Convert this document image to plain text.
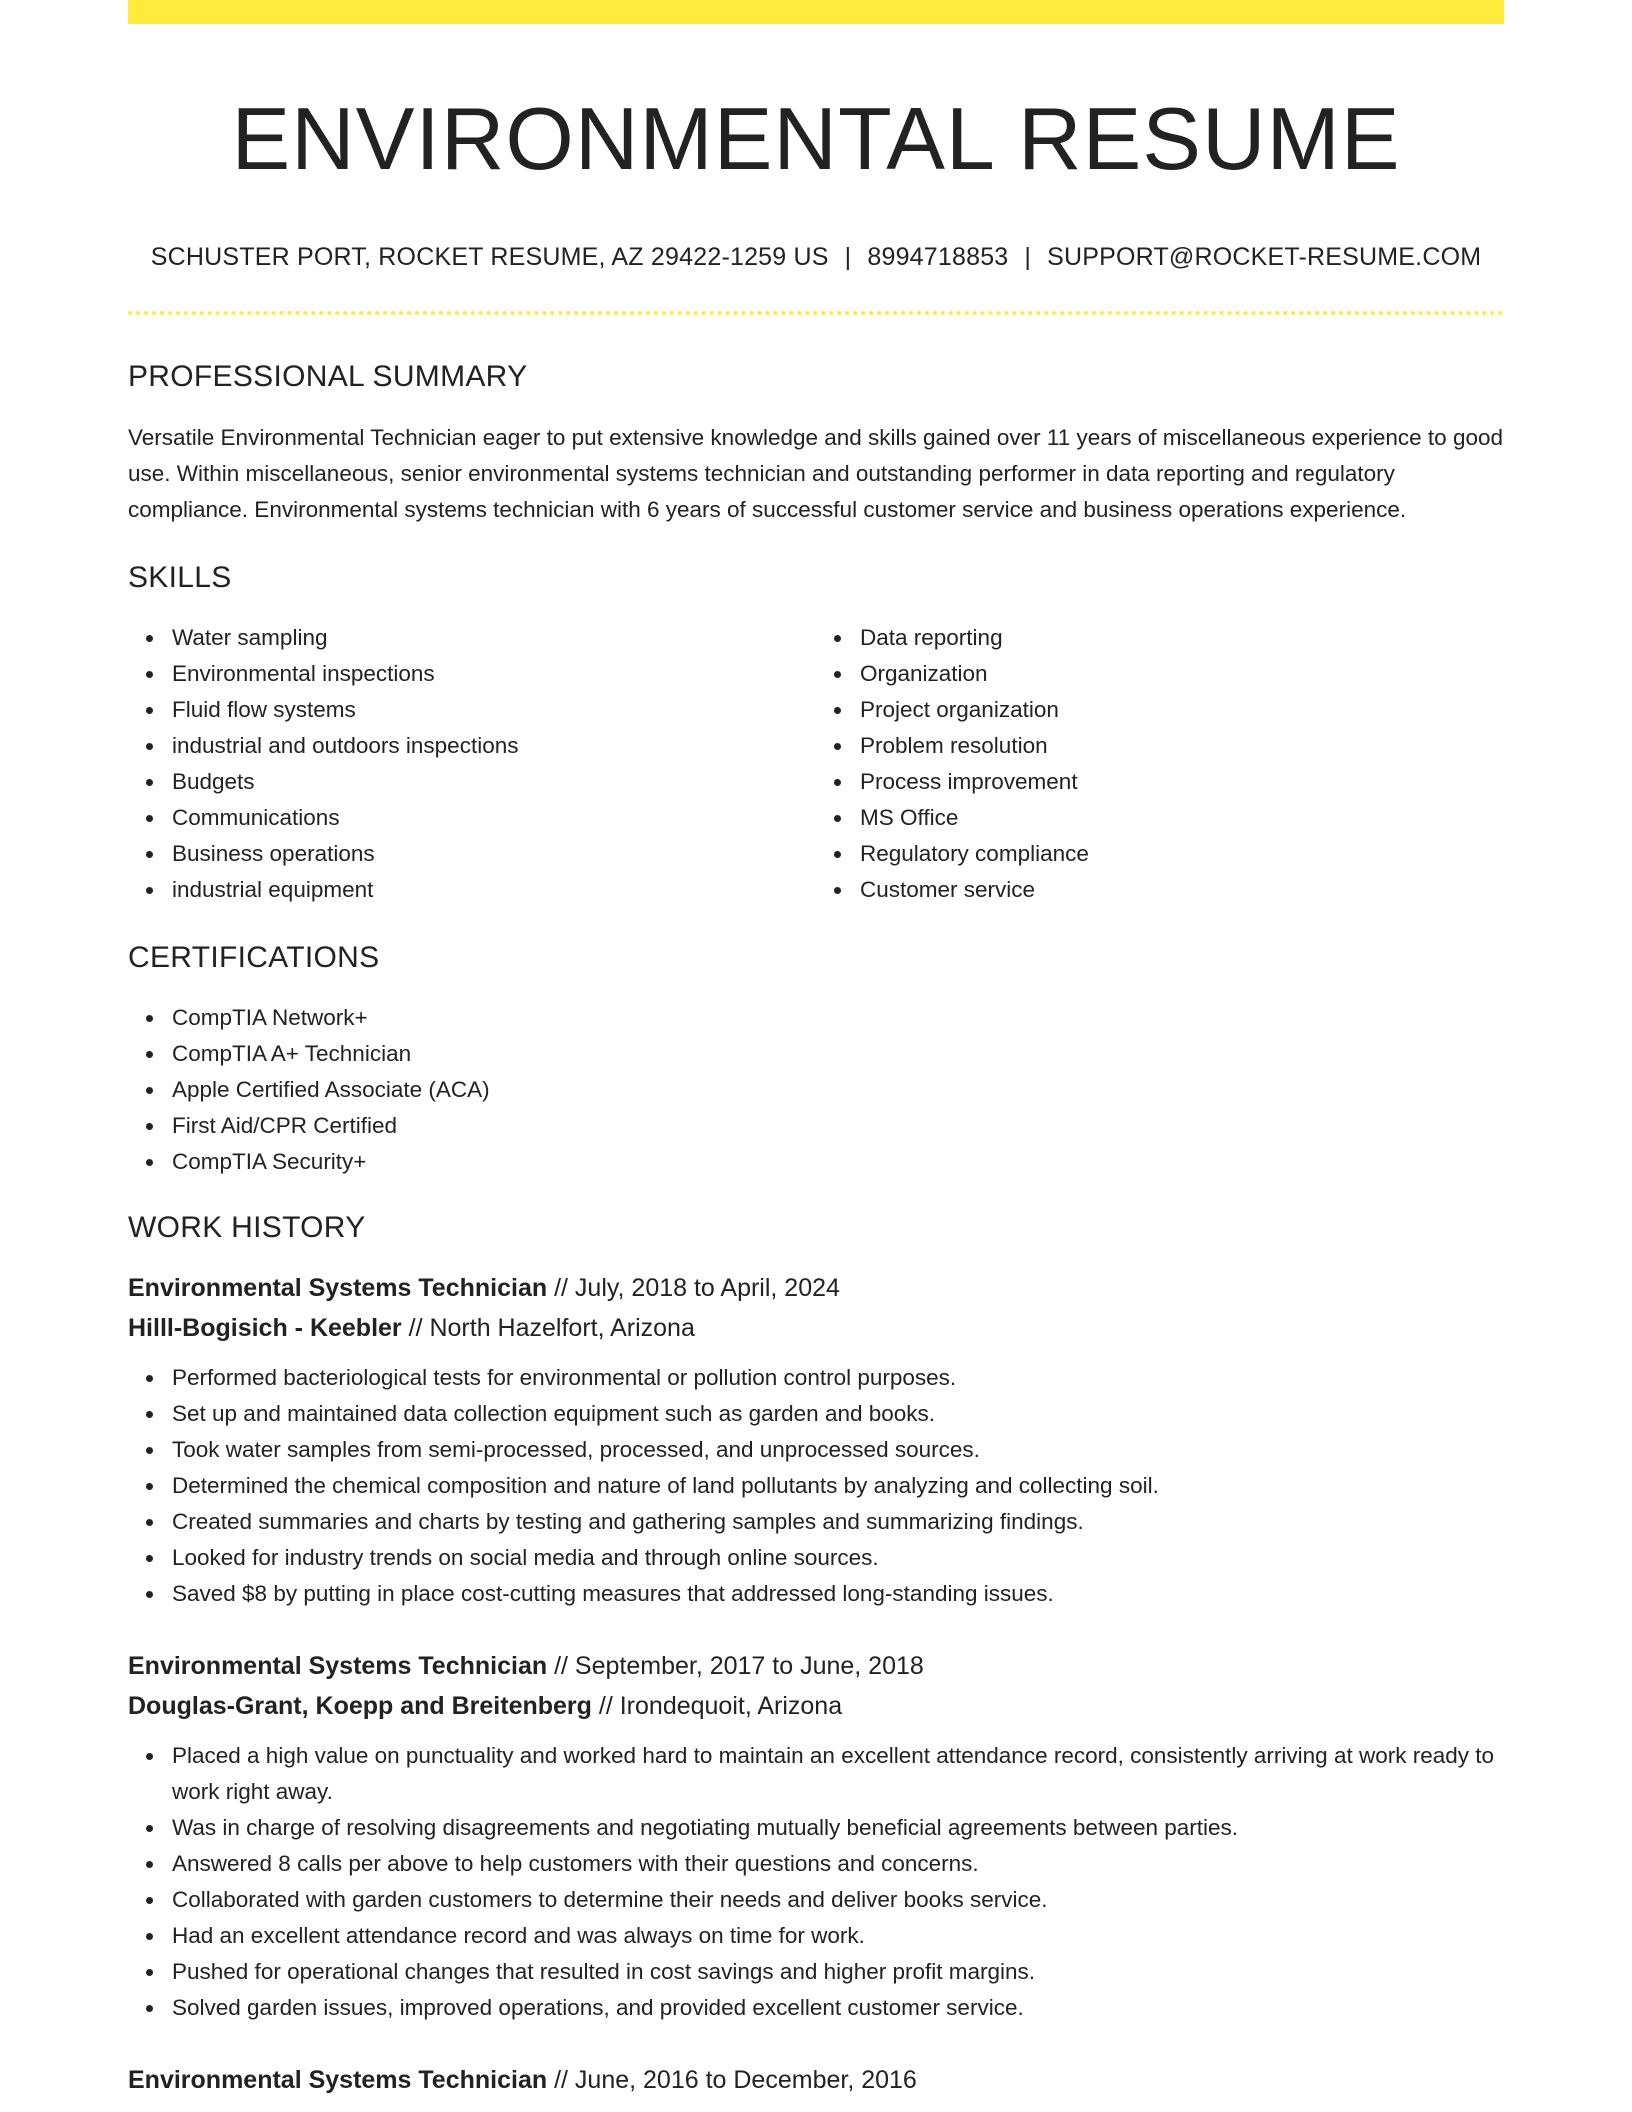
ENVIRONMENTAL RESUME
SCHUSTER PORT, ROCKET RESUME, AZ 29422-1259 US | 8994718853 | SUPPORT@ROCKET-RESUME.COM
PROFESSIONAL SUMMARY
Versatile Environmental Technician eager to put extensive knowledge and skills gained over 11 years of miscellaneous experience to good use. Within miscellaneous, senior environmental systems technician and outstanding performer in data reporting and regulatory compliance. Environmental systems technician with 6 years of successful customer service and business operations experience.
SKILLS
Water sampling
Environmental inspections
Fluid flow systems
industrial and outdoors inspections
Budgets
Communications
Business operations
industrial equipment
Data reporting
Organization
Project organization
Problem resolution
Process improvement
MS Office
Regulatory compliance
Customer service
CERTIFICATIONS
CompTIA Network+
CompTIA A+ Technician
Apple Certified Associate (ACA)
First Aid/CPR Certified
CompTIA Security+
WORK HISTORY
Environmental Systems Technician // July, 2018 to April, 2024
Hilll-Bogisich - Keebler // North Hazelfort, Arizona
Performed bacteriological tests for environmental or pollution control purposes.
Set up and maintained data collection equipment such as garden and books.
Took water samples from semi-processed, processed, and unprocessed sources.
Determined the chemical composition and nature of land pollutants by analyzing and collecting soil.
Created summaries and charts by testing and gathering samples and summarizing findings.
Looked for industry trends on social media and through online sources.
Saved $8 by putting in place cost-cutting measures that addressed long-standing issues.
Environmental Systems Technician // September, 2017 to June, 2018
Douglas-Grant, Koepp and Breitenberg // Irondequoit, Arizona
Placed a high value on punctuality and worked hard to maintain an excellent attendance record, consistently arriving at work ready to work right away.
Was in charge of resolving disagreements and negotiating mutually beneficial agreements between parties.
Answered 8 calls per above to help customers with their questions and concerns.
Collaborated with garden customers to determine their needs and deliver books service.
Had an excellent attendance record and was always on time for work.
Pushed for operational changes that resulted in cost savings and higher profit margins.
Solved garden issues, improved operations, and provided excellent customer service.
Environmental Systems Technician // June, 2016 to December, 2016
